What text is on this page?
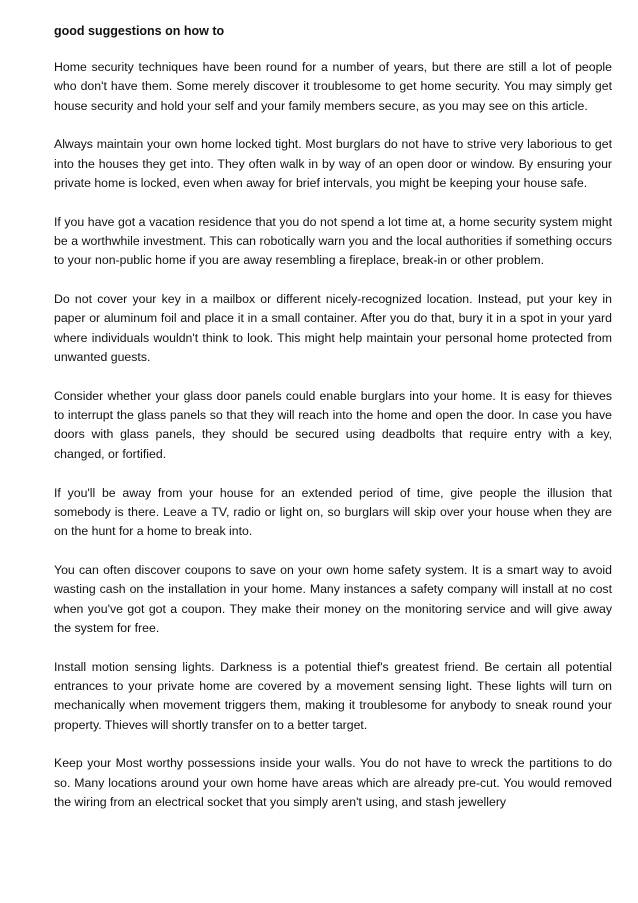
good suggestions on how to

Home security techniques have been round for a number of years, but there are still a lot of people who don't have them. Some merely discover it troublesome to get home security. You may simply get house security and hold your self and your family members secure, as you may see on this article.

Always maintain your own home locked tight. Most burglars do not have to strive very laborious to get into the houses they get into. They often walk in by way of an open door or window. By ensuring your private home is locked, even when away for brief intervals, you might be keeping your house safe.

If you have got a vacation residence that you do not spend a lot time at, a home security system might be a worthwhile investment. This can robotically warn you and the local authorities if something occurs to your non-public home if you are away resembling a fireplace, break-in or other problem.

Do not cover your key in a mailbox or different nicely-recognized location. Instead, put your key in paper or aluminum foil and place it in a small container. After you do that, bury it in a spot in your yard where individuals wouldn't think to look. This might help maintain your personal home protected from unwanted guests.

Consider whether your glass door panels could enable burglars into your home. It is easy for thieves to interrupt the glass panels so that they will reach into the home and open the door. In case you have doors with glass panels, they should be secured using deadbolts that require entry with a key, changed, or fortified.

If you'll be away from your house for an extended period of time, give people the illusion that somebody is there. Leave a TV, radio or light on, so burglars will skip over your house when they are on the hunt for a home to break into.

You can often discover coupons to save on your own home safety system. It is a smart way to avoid wasting cash on the installation in your home. Many instances a safety company will install at no cost when you've got got a coupon. They make their money on the monitoring service and will give away the system for free.

Install motion sensing lights. Darkness is a potential thief's greatest friend. Be certain all potential entrances to your private home are covered by a movement sensing light. These lights will turn on mechanically when movement triggers them, making it troublesome for anybody to sneak round your property. Thieves will shortly transfer on to a better target.

Keep your Most worthy possessions inside your walls. You do not have to wreck the partitions to do so. Many locations around your own home have areas which are already pre-cut. You would removed the wiring from an electrical socket that you simply aren't using, and stash jewellery
